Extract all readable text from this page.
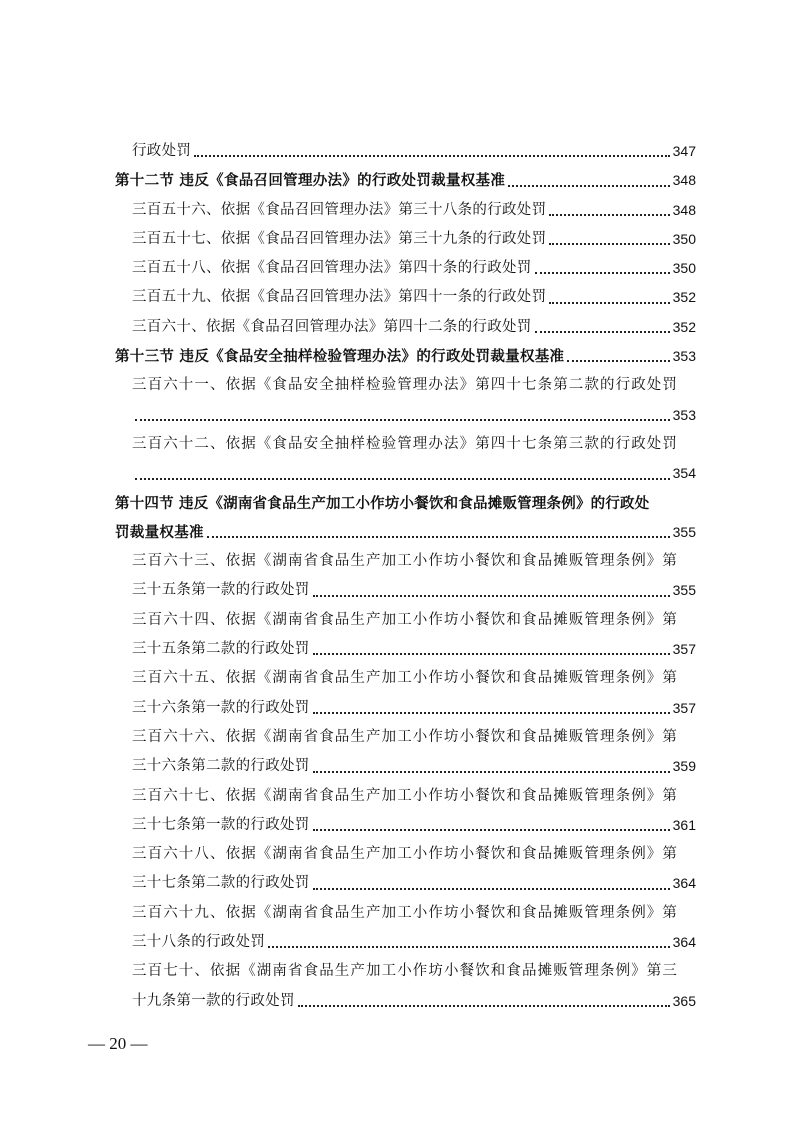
行政处罚	347
第十二节 违反《食品召回管理办法》的行政处罚裁量权基准	348
三百五十六、依据《食品召回管理办法》第三十八条的行政处罚	348
三百五十七、依据《食品召回管理办法》第三十九条的行政处罚	350
三百五十八、依据《食品召回管理办法》第四十条的行政处罚	350
三百五十九、依据《食品召回管理办法》第四十一条的行政处罚	352
三百六十、依据《食品召回管理办法》第四十二条的行政处罚	352
第十三节 违反《食品安全抽样检验管理办法》的行政处罚裁量权基准	353
三百六十一、依据《食品安全抽样检验管理办法》第四十七条第二款的行政处罚
353
三百六十二、依据《食品安全抽样检验管理办法》第四十七条第三款的行政处罚
354
第十四节 违反《湖南省食品生产加工小作坊小餐饮和食品摊贩管理条例》的行政处
罚裁量权基准	355
三百六十三、依据《湖南省食品生产加工小作坊小餐饮和食品摊贩管理条例》第
三十五条第一款的行政处罚	355
三百六十四、依据《湖南省食品生产加工小作坊小餐饮和食品摊贩管理条例》第
三十五条第二款的行政处罚	357
三百六十五、依据《湖南省食品生产加工小作坊小餐饮和食品摊贩管理条例》第
三十六条第一款的行政处罚	357
三百六十六、依据《湖南省食品生产加工小作坊小餐饮和食品摊贩管理条例》第
三十六条第二款的行政处罚	359
三百六十七、依据《湖南省食品生产加工小作坊小餐饮和食品摊贩管理条例》第
三十七条第一款的行政处罚	361
三百六十八、依据《湖南省食品生产加工小作坊小餐饮和食品摊贩管理条例》第
三十七条第二款的行政处罚	364
三百六十九、依据《湖南省食品生产加工小作坊小餐饮和食品摊贩管理条例》第
三十八条的行政处罚	364
三百七十、依据《湖南省食品生产加工小作坊小餐饮和食品摊贩管理条例》第三
十九条第一款的行政处罚	365
— 20 —
